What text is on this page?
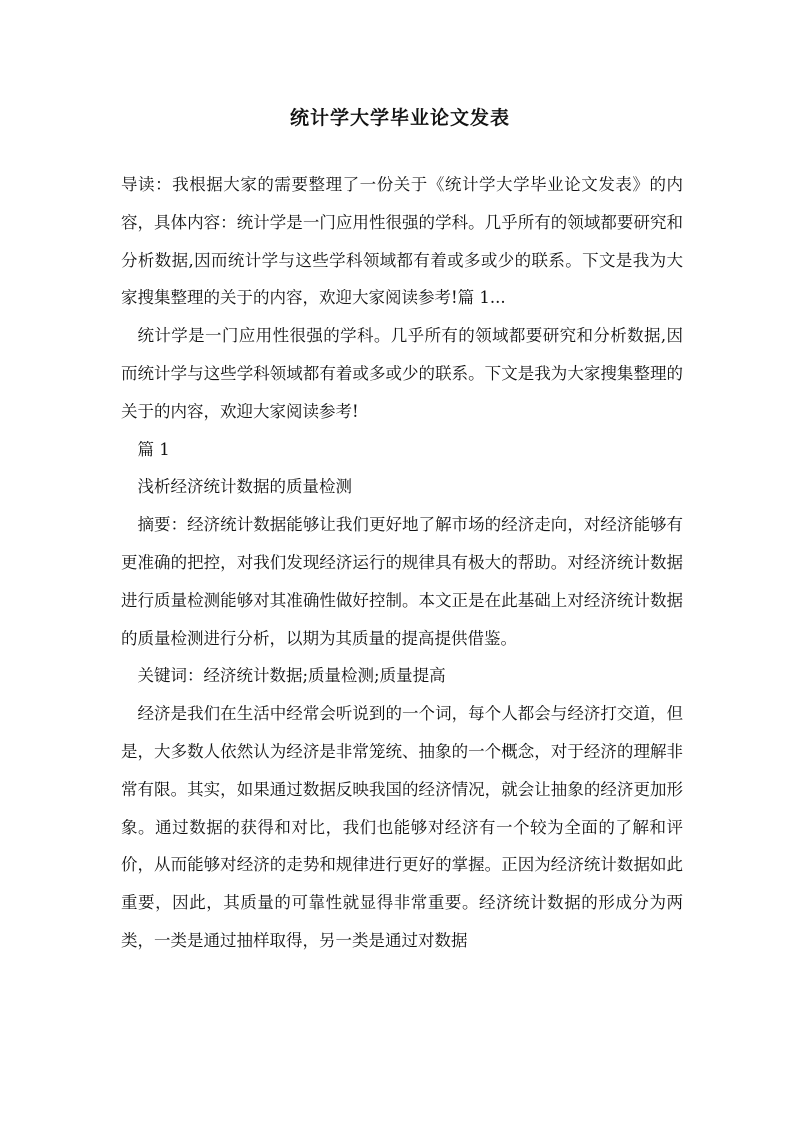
统计学大学毕业论文发表

导读：我根据大家的需要整理了一份关于《统计学大学毕业论文发表》的内容，具体内容：统计学是一门应用性很强的学科。几乎所有的领域都要研究和分析数据,因而统计学与这些学科领域都有着或多或少的联系。下文是我为大家搜集整理的关于的内容，欢迎大家阅读参考!篇 1...

统计学是一门应用性很强的学科。几乎所有的领域都要研究和分析数据,因而统计学与这些学科领域都有着或多或少的联系。下文是我为大家搜集整理的关于的内容，欢迎大家阅读参考!

篇 1

浅析经济统计数据的质量检测

摘要：经济统计数据能够让我们更好地了解市场的经济走向，对经济能够有更准确的把控，对我们发现经济运行的规律具有极大的帮助。对经济统计数据进行质量检测能够对其准确性做好控制。本文正是在此基础上对经济统计数据的质量检测进行分析，以期为其质量的提高提供借鉴。

关键词：经济统计数据;质量检测;质量提高

经济是我们在生活中经常会听说到的一个词，每个人都会与经济打交道，但是，大多数人依然认为经济是非常笼统、抽象的一个概念，对于经济的理解非常有限。其实，如果通过数据反映我国的经济情况，就会让抽象的经济更加形象。通过数据的获得和对比，我们也能够对经济有一个较为全面的了解和评价，从而能够对经济的走势和规律进行更好的掌握。正因为经济统计数据如此重要，因此，其质量的可靠性就显得非常重要。经济统计数据的形成分为两类，一类是通过抽样取得，另一类是通过对数据
